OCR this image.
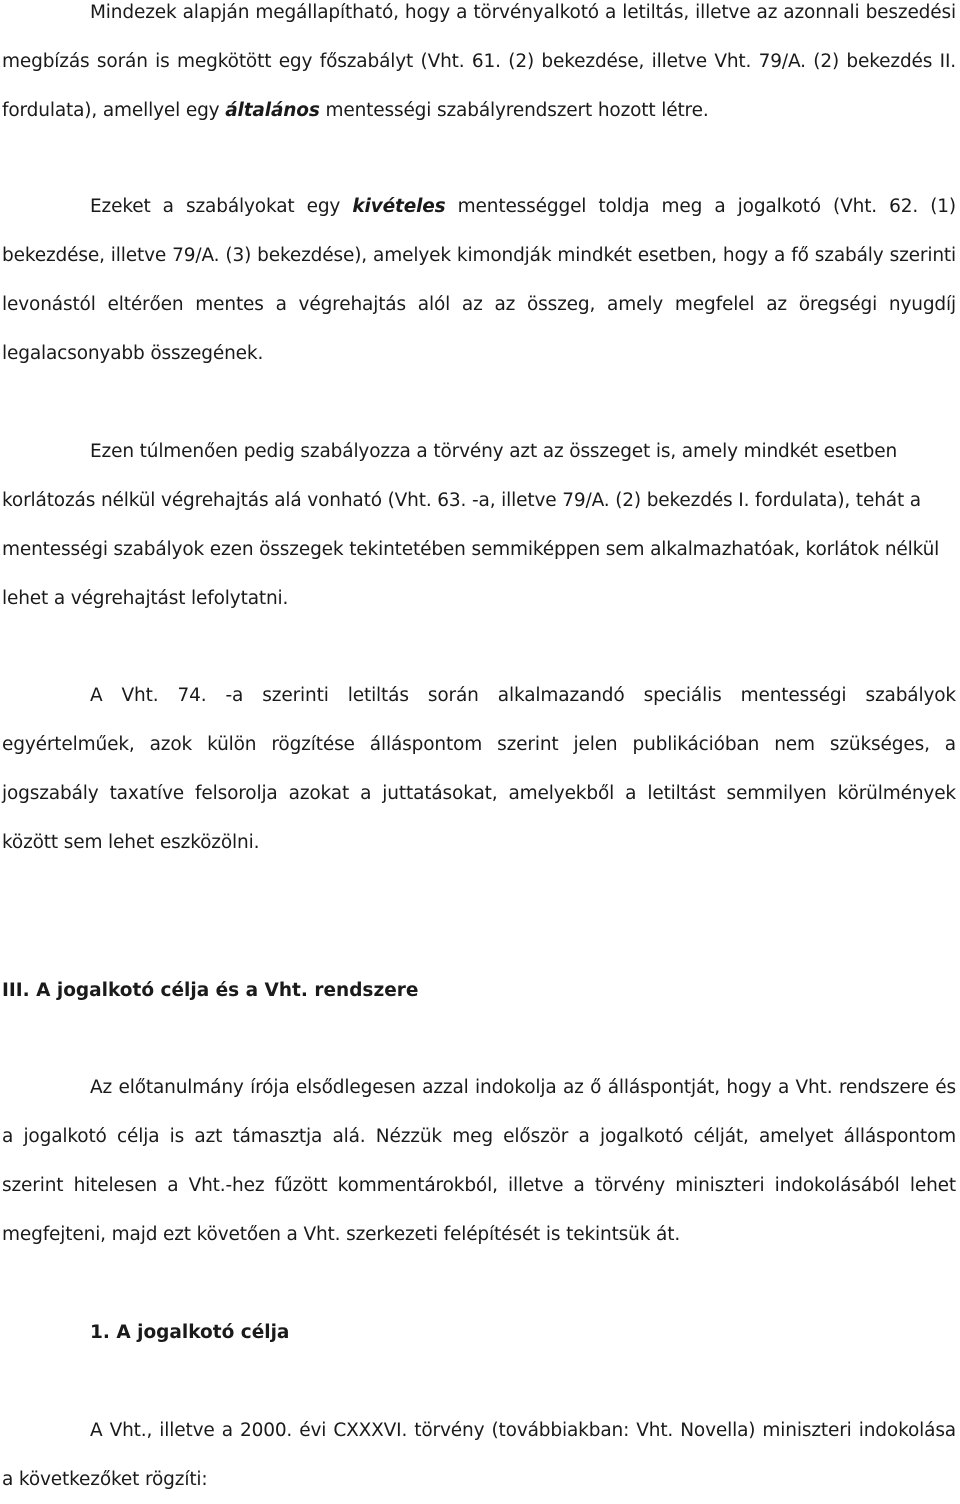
Mindezek alapján megállapítható, hogy a törvényalkotó a letiltás, illetve az azonnali beszedési megbízás során is megkötött egy főszabályt (Vht. 61. (2) bekezdése, illetve Vht. 79/A. (2) bekezdés II. fordulata), amellyel egy általános mentességi szabályrendszert hozott létre.

Ezeket a szabályokat egy kivételes mentességgel toldja meg a jogalkotó (Vht. 62. (1) bekezdése, illetve 79/A. (3) bekezdése), amelyek kimondják mindkét esetben, hogy a fő szabály szerinti levonástól eltérően mentes a végrehajtás alól az az összeg, amely megfelel az öregségi nyugdíj legalacsonyabb összegének.

Ezen túlmenően pedig szabályozza a törvény azt az összeget is, amely mindkét esetben korlátozás nélkül végrehajtás alá vonható (Vht. 63. -a, illetve 79/A. (2) bekezdés I. fordulata), tehát a mentességi szabályok ezen összegek tekintetében semmiképpen sem alkalmazhatóak, korlátok nélkül lehet a végrehajtást lefolytatni.

A Vht. 74. -a szerinti letiltás során alkalmazandó speciális mentességi szabályok egyértelműek, azok külön rögzítése álláspontom szerint jelen publikációban nem szükséges, a jogszabály taxatíve felsorolja azokat a juttatásokat, amelyekből a letiltást semmilyen körülmények között sem lehet eszközölni.

III. A jogalkotó célja és a Vht. rendszere

Az előtanulmány írója elsődlegesen azzal indokolja az ő álláspontját, hogy a Vht. rendszere és a jogalkotó célja is azt támasztja alá. Nézzük meg először a jogalkotó célját, amelyet álláspontom szerint hitelesen a Vht.-hez fűzött kommentárokból, illetve a törvény miniszteri indokolásából lehet megfejteni, majd ezt követően a Vht. szerkezeti felépítését is tekintsük át.

1. A jogalkotó célja

A Vht., illetve a 2000. évi CXXXVI. törvény (továbbiakban: Vht. Novella) miniszteri indokolása a következőket rögzíti:
